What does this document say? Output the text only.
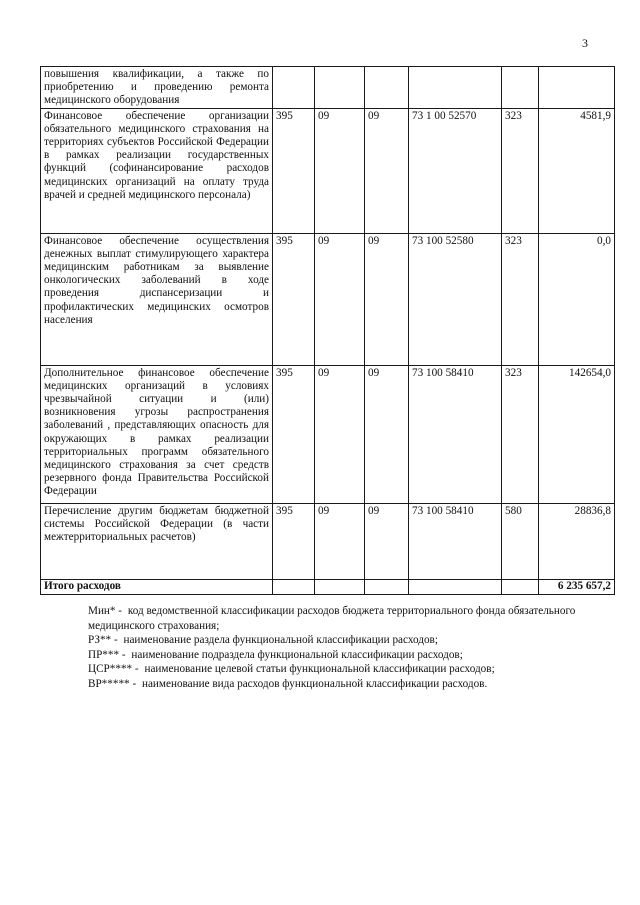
3
повышения квалификации, а также по приобретению и проведению ремонта медицинского оборудования						
Финансовое обеспечение организации обязательного медицинского страхования на территориях субъектов Российской Федерации в рамках реализации государственных функций (софинансирование расходов медицинских организаций на оплату труда врачей и средней медицинского персонала)	395	09	09	73 1 00 52570	323	4581,9
Финансовое обеспечение осуществления денежных выплат стимулирующего характера медицинским работникам за выявление онкологических заболеваний в ходе проведения диспансеризации и профилактических медицинских осмотров населения	395	09	09	73 100 52580	323	0,0
Дополнительное финансовое обеспечение медицинских организаций в условиях чрезвычайной ситуации и (или) возникновения угрозы распространения заболеваний , представляющих опасность для окружающих в рамках реализации территориальных программ обязательного медицинского страхования за счет средств резервного фонда Правительства Российской Федерации	395	09	09	73 100 58410	323	142654,0
Перечисление другим бюджетам бюджетной системы Российской Федерации (в части межтерриториальных расчетов)	395	09	09	73 100 58410	580	28836,8
Итого расходов						6 235 657,2
Мин* - код ведомственной классификации расходов бюджета территориального фонда обязательного медицинского страхования;
РЗ** - наименование раздела функциональной классификации расходов;
ПР*** - наименование подраздела функциональной классификации расходов;
ЦСР**** - наименование целевой статьи функциональной классификации расходов;
ВР***** - наименование вида расходов функциональной классификации расходов.
